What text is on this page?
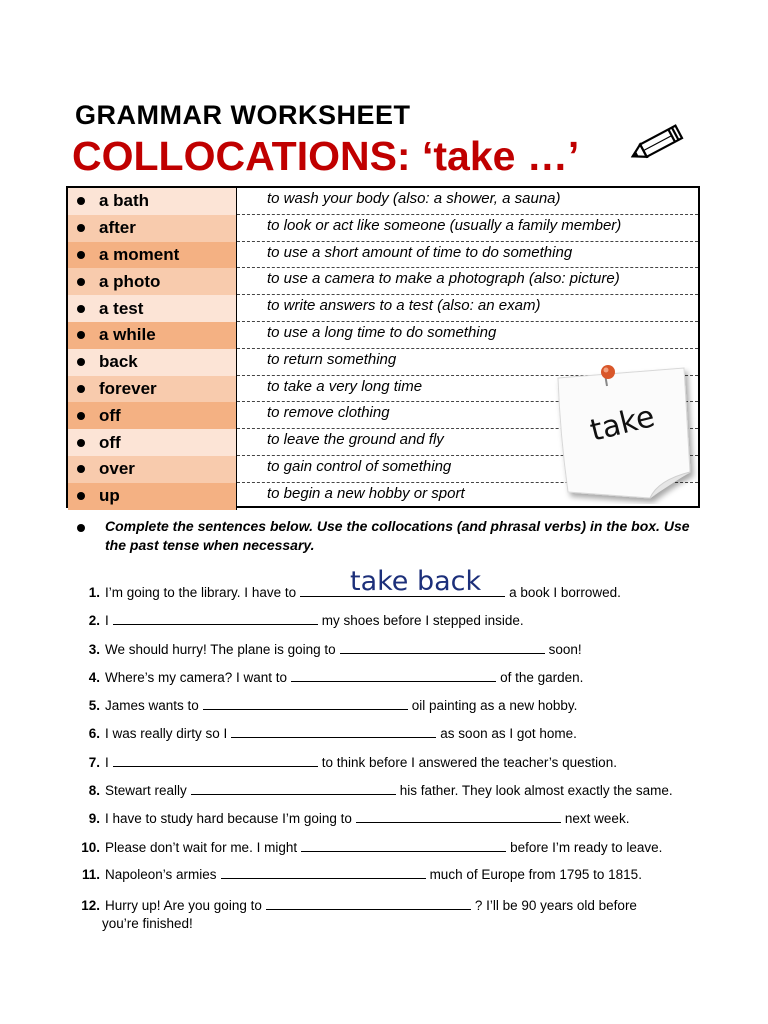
GRAMMAR WORKSHEET
COLLOCATIONS: ‘take …’
a bath	to wash your body (also: a shower, a sauna)
after	to look or act like someone (usually a family member)
a moment	to use a short amount of time to do something
a photo	to use a camera to make a photograph (also: picture)
a test	to write answers to a test (also: an exam)
a while	to use a long time to do something
back	to return something
forever	to take a very long time
off	to remove clothing
off	to leave the ground and fly
over	to gain control of something
up	to begin a new hobby or sport
take
Complete the sentences below. Use the collocations (and phrasal verbs) in the box. Use the past tense when necessary.
1. I’m going to the library. I have to	a book I borrowed.
2. I	my shoes before I stepped inside.
3. We should hurry! The plane is going to	soon!
4. Where’s my camera? I want to	of the garden.
5. James wants to	oil painting as a new hobby.
6. I was really dirty so I	as soon as I got home.
7. I	to think before I answered the teacher’s question.
8. Stewart really	his father. They look almost exactly the same.
9. I have to study hard because I’m going to	next week.
10. Please don’t wait for me. I might	before I’m ready to leave.
11. Napoleon’s armies	much of Europe from 1795 to 1815.
12. Hurry up! Are you going to	? I’ll be 90 years old before
you’re finished!
take back
